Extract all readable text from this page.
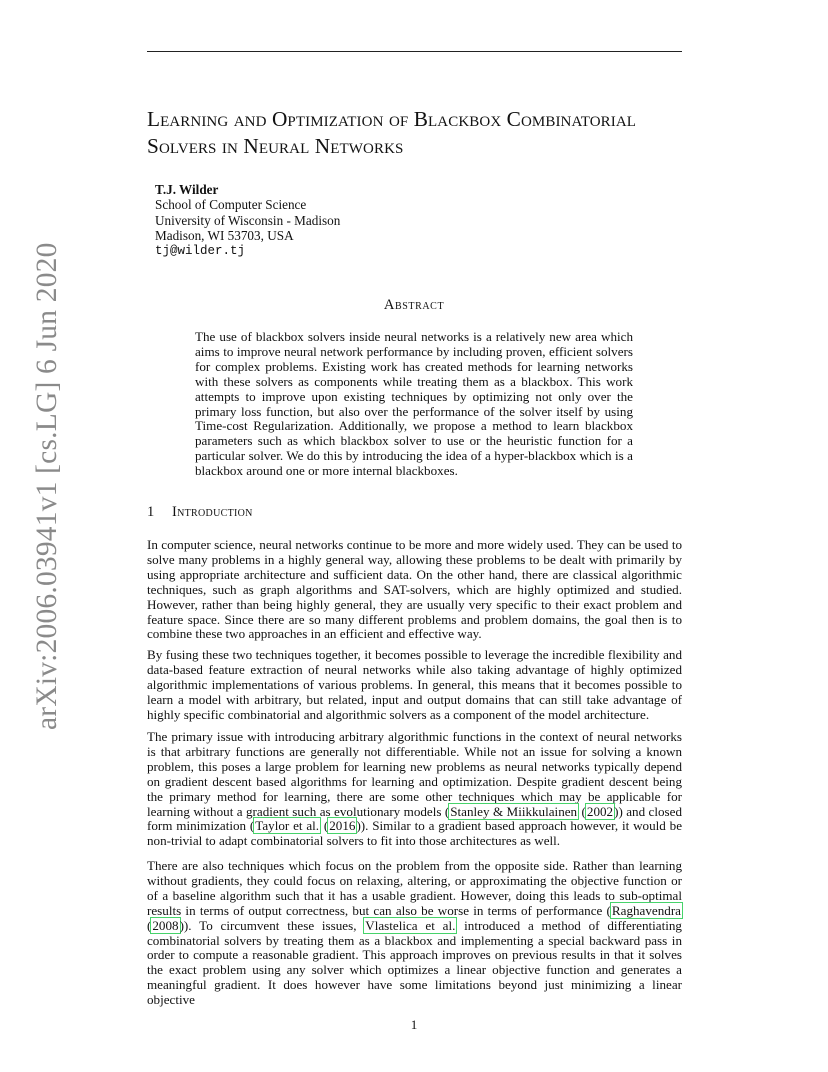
arXiv:2006.03941v1 [cs.LG] 6 Jun 2020
Learning and Optimization of Blackbox Combinatorial Solvers in Neural Networks
T.J. Wilder
School of Computer Science
University of Wisconsin - Madison
Madison, WI 53703, USA
tj@wilder.tj
Abstract

The use of blackbox solvers inside neural networks is a relatively new area which aims to improve neural network performance by including proven, efficient solvers for complex problems. Existing work has created methods for learning networks with these solvers as components while treating them as a blackbox. This work attempts to improve upon existing techniques by optimizing not only over the primary loss function, but also over the performance of the solver itself by using Time-cost Regularization. Additionally, we propose a method to learn blackbox parameters such as which blackbox solver to use or the heuristic function for a particular solver. We do this by introducing the idea of a hyper-blackbox which is a blackbox around one or more internal blackboxes.

1 Introduction

In computer science, neural networks continue to be more and more widely used. They can be used to solve many problems in a highly general way, allowing these problems to be dealt with primarily by using appropriate architecture and sufficient data. On the other hand, there are classical algorithmic techniques, such as graph algorithms and SAT-solvers, which are highly optimized and studied. However, rather than being highly general, they are usually very specific to their exact problem and feature space. Since there are so many different problems and problem domains, the goal then is to combine these two approaches in an efficient and effective way.

By fusing these two techniques together, it becomes possible to leverage the incredible flexibility and data-based feature extraction of neural networks while also taking advantage of highly optimized algorithmic implementations of various problems. In general, this means that it becomes possible to learn a model with arbitrary, but related, input and output domains that can still take advantage of highly specific combinatorial and algorithmic solvers as a component of the model architecture.

The primary issue with introducing arbitrary algorithmic functions in the context of neural networks is that arbitrary functions are generally not differentiable. While not an issue for solving a known problem, this poses a large problem for learning new problems as neural networks typically depend on gradient descent based algorithms for learning and optimization. Despite gradient descent being the primary method for learning, there are some other techniques which may be applicable for learning without a gradient such as evolutionary models (Stanley & Miikkulainen (2002)) and closed form minimization (Taylor et al. (2016)). Similar to a gradient based approach however, it would be non-trivial to adapt combinatorial solvers to fit into those architectures as well.

There are also techniques which focus on the problem from the opposite side. Rather than learning without gradients, they could focus on relaxing, altering, or approximating the objective function or of a baseline algorithm such that it has a usable gradient. However, doing this leads to sub-optimal results in terms of output correctness, but can also be worse in terms of performance (Raghavendra (2008)). To circumvent these issues, Vlastelica et al. introduced a method of differentiating combinatorial solvers by treating them as a blackbox and implementing a special backward pass in order to compute a reasonable gradient. This approach improves on previous results in that it solves the exact problem using any solver which optimizes a linear objective function and generates a meaningful gradient. It does however have some limitations beyond just minimizing a linear objective

1
